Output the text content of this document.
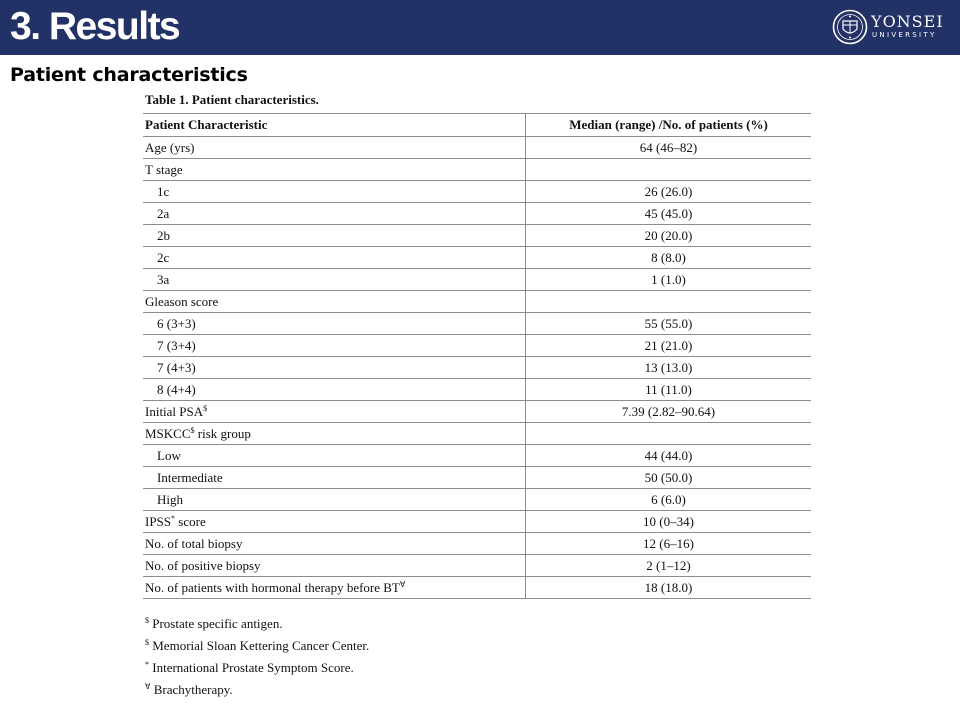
3. Results	YONSEI
UNIVERSITY
Patient characteristics
Table 1. Patient characteristics.
Patient Characteristic	Median (range) /No. of patients (%)
Age (yrs)	64 (46–82)
T stage	
1c	26 (26.0)
2a	45 (45.0)
2b	20 (20.0)
2c	8 (8.0)
3a	1 (1.0)
Gleason score	
6 (3+3)	55 (55.0)
7 (3+4)	21 (21.0)
7 (4+3)	13 (13.0)
8 (4+4)	11 (11.0)
Initial PSA$	7.39 (2.82–90.64)
MSKCC$ risk group	
Low	44 (44.0)
Intermediate	50 (50.0)
High	6 (6.0)
IPSS* score	10 (0–34)
No. of total biopsy	12 (6–16)
No. of positive biopsy	2 (1–12)
No. of patients with hormonal therapy before BT∀	18 (18.0)
$ Prostate specific antigen.
$ Memorial Sloan Kettering Cancer Center.
* International Prostate Symptom Score.
∀ Brachytherapy.
